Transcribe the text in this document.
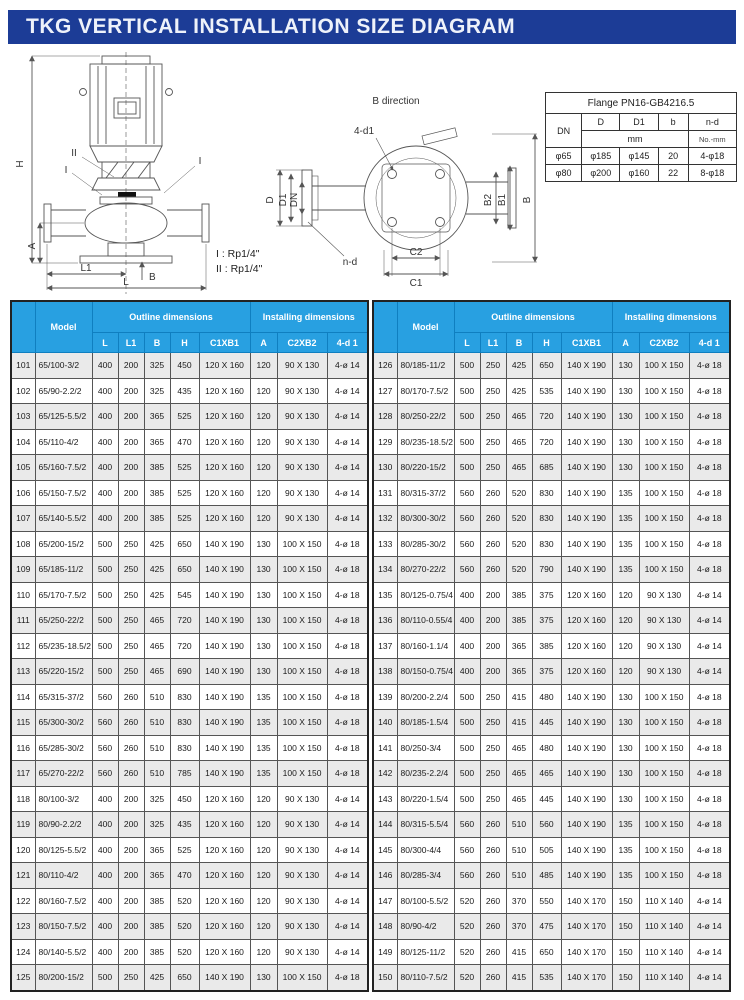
TKG VERTICAL INSTALLATION SIZE DIAGRAM
H
A
L1
L B
II
I
I
B direction
4-d1
D D1 DN
n-d
B2 B1 B
C2
C1
I : Rp1/4"
II : Rp1/4"
Flange PN16-GB4216.5				
DN	D	D1	b	n-d
	mm			No.-mm
φ65	φ185	φ145	20	4-φ18
φ80	φ200	φ160	22	8-φ18
	Model	Outline dimensions					Installing dimensions		
		L	L1	B	H	C1XB1	A	C2XB2	4-d 1
101	65/100-3/2	400	200	325	450	120 X 160	120	90 X 130	4-ø 14
102	65/90-2.2/2	400	200	325	435	120 X 160	120	90 X 130	4-ø 14
103	65/125-5.5/2	400	200	365	525	120 X 160	120	90 X 130	4-ø 14
104	65/110-4/2	400	200	365	470	120 X 160	120	90 X 130	4-ø 14
105	65/160-7.5/2	400	200	385	525	120 X 160	120	90 X 130	4-ø 14
106	65/150-7.5/2	400	200	385	525	120 X 160	120	90 X 130	4-ø 14
107	65/140-5.5/2	400	200	385	525	120 X 160	120	90 X 130	4-ø 14
108	65/200-15/2	500	250	425	650	140 X 190	130	100 X 150	4-ø 18
109	65/185-11/2	500	250	425	650	140 X 190	130	100 X 150	4-ø 18
110	65/170-7.5/2	500	250	425	545	140 X 190	130	100 X 150	4-ø 18
111	65/250-22/2	500	250	465	720	140 X 190	130	100 X 150	4-ø 18
112	65/235-18.5/2	500	250	465	720	140 X 190	130	100 X 150	4-ø 18
113	65/220-15/2	500	250	465	690	140 X 190	130	100 X 150	4-ø 18
114	65/315-37/2	560	260	510	830	140 X 190	135	100 X 150	4-ø 18
115	65/300-30/2	560	260	510	830	140 X 190	135	100 X 150	4-ø 18
116	65/285-30/2	560	260	510	830	140 X 190	135	100 X 150	4-ø 18
117	65/270-22/2	560	260	510	785	140 X 190	135	100 X 150	4-ø 18
118	80/100-3/2	400	200	325	450	120 X 160	120	90 X 130	4-ø 14
119	80/90-2.2/2	400	200	325	435	120 X 160	120	90 X 130	4-ø 14
120	80/125-5.5/2	400	200	365	525	120 X 160	120	90 X 130	4-ø 14
121	80/110-4/2	400	200	365	470	120 X 160	120	90 X 130	4-ø 14
122	80/160-7.5/2	400	200	385	520	120 X 160	120	90 X 130	4-ø 14
123	80/150-7.5/2	400	200	385	520	120 X 160	120	90 X 130	4-ø 14
124	80/140-5.5/2	400	200	385	520	120 X 160	120	90 X 130	4-ø 14
125	80/200-15/2	500	250	425	650	140 X 190	130	100 X 150	4-ø 18
	Model	Outline dimensions					Installing dimensions		
		L	L1	B	H	C1XB1	A	C2XB2	4-d 1
126	80/185-11/2	500	250	425	650	140 X 190	130	100 X 150	4-ø 18
127	80/170-7.5/2	500	250	425	535	140 X 190	130	100 X 150	4-ø 18
128	80/250-22/2	500	250	465	720	140 X 190	130	100 X 150	4-ø 18
129	80/235-18.5/2	500	250	465	720	140 X 190	130	100 X 150	4-ø 18
130	80/220-15/2	500	250	465	685	140 X 190	130	100 X 150	4-ø 18
131	80/315-37/2	560	260	520	830	140 X 190	135	100 X 150	4-ø 18
132	80/300-30/2	560	260	520	830	140 X 190	135	100 X 150	4-ø 18
133	80/285-30/2	560	260	520	830	140 X 190	135	100 X 150	4-ø 18
134	80/270-22/2	560	260	520	790	140 X 190	135	100 X 150	4-ø 18
135	80/125-0.75/4	400	200	385	375	120 X 160	120	90 X 130	4-ø 14
136	80/110-0.55/4	400	200	385	375	120 X 160	120	90 X 130	4-ø 14
137	80/160-1.1/4	400	200	365	385	120 X 160	120	90 X 130	4-ø 14
138	80/150-0.75/4	400	200	365	375	120 X 160	120	90 X 130	4-ø 14
139	80/200-2.2/4	500	250	415	480	140 X 190	130	100 X 150	4-ø 18
140	80/185-1.5/4	500	250	415	445	140 X 190	130	100 X 150	4-ø 18
141	80/250-3/4	500	250	465	480	140 X 190	130	100 X 150	4-ø 18
142	80/235-2.2/4	500	250	465	465	140 X 190	130	100 X 150	4-ø 18
143	80/220-1.5/4	500	250	465	445	140 X 190	130	100 X 150	4-ø 18
144	80/315-5.5/4	560	260	510	560	140 X 190	135	100 X 150	4-ø 18
145	80/300-4/4	560	260	510	505	140 X 190	135	100 X 150	4-ø 18
146	80/285-3/4	560	260	510	485	140 X 190	135	100 X 150	4-ø 18
147	80/100-5.5/2	520	260	370	550	140 X 170	150	110 X 140	4-ø 14
148	80/90-4/2	520	260	370	475	140 X 170	150	110 X 140	4-ø 14
149	80/125-11/2	520	260	415	650	140 X 170	150	110 X 140	4-ø 14
150	80/110-7.5/2	520	260	415	535	140 X 170	150	110 X 140	4-ø 14
